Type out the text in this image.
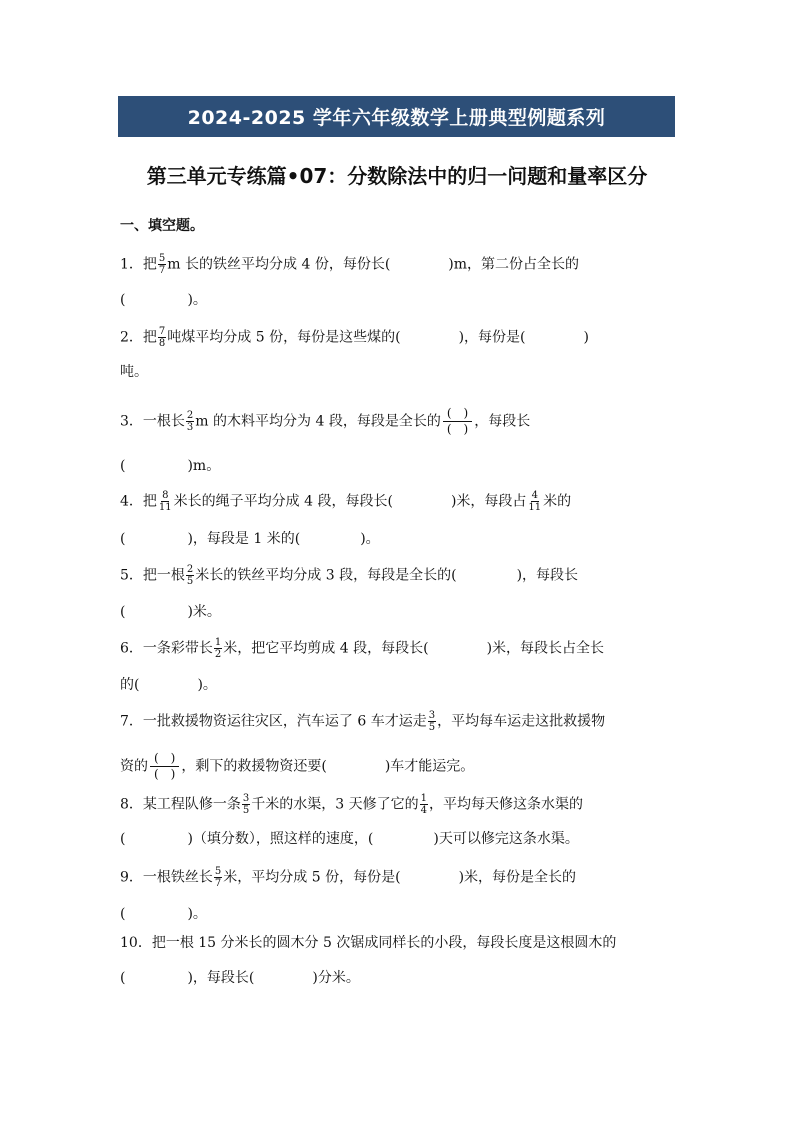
2024-2025 学年六年级数学上册典型例题系列
第三单元专练篇•07：分数除法中的归一问题和量率区分
一、填空题。
1．把 $\frac{5}{7}$ m 长的铁丝平均分成 4 份，每份长(	)m，第二份占全长的
(	)。
2．把 $\frac{7}{8}$ 吨煤平均分成 5 份，每份是这些煤的(	)，每份是(	)
吨。
3．一根长 $\frac{2}{3}$ m 的木料平均分为 4 段，每段是全长的 $\frac{( )}{( )}$ ，每段长
(	)m。
4．把 $\frac{8}{11}$ 米长的绳子平均分成 4 段，每段长(	)米，每段占 $\frac{4}{11}$ 米的
(	)，每段是 1 米的(	)。
5．把一根 $\frac{2}{5}$ 米长的铁丝平均分成 3 段，每段是全长的(	)，每段长
(	)米。
6．一条彩带长 $\frac{1}{2}$ 米，把它平均剪成 4 段，每段长(	)米，每段长占全长
的(	)。
7．一批救援物资运往灾区，汽车运了 6 车才运走 $\frac{3}{5}$ ，平均每车运走这批救援物
资的 $\frac{( )}{( )}$ ，剩下的救援物资还要(	)车才能运完。
8．某工程队修一条 $\frac{3}{5}$ 千米的水渠，3 天修了它的 $\frac{1}{4}$ ，平均每天修这条水渠的
(	)（填分数），照这样的速度，(	)天可以修完这条水渠。
9．一根铁丝长 $\frac{5}{7}$ 米，平均分成 5 份，每份是(	)米，每份是全长的
(	)。
10．把一根 15 分米长的圆木分 5 次锯成同样长的小段，每段长度是这根圆木的
(	)，每段长(	)分米。
